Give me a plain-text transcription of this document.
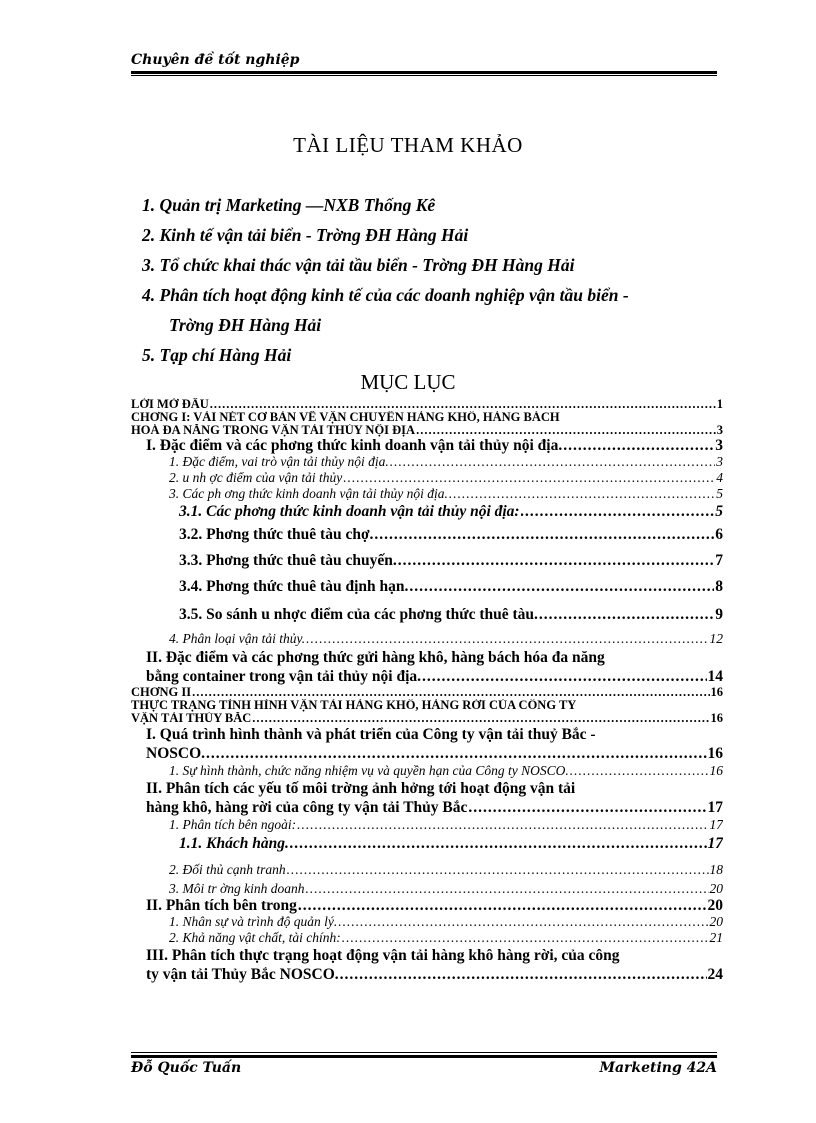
Chuyên đề tốt nghiệp
TÀI LIỆU THAM KHẢO
1. Quản trị Marketing —NXB Thống Kê
2. Kinh tế vận tải biển - Trờng ĐH Hàng Hải
3. Tổ chức khai thác vận tải tầu biển - Trờng ĐH Hàng Hải
4. Phân tích hoạt động kinh tế của các doanh nghiệp vận tầu biển -
Trờng ĐH Hàng Hải
5. Tạp chí Hàng Hải
MỤC LỤC
LỜI MỞ ĐẦU .....	1
CHƠNG I: VÀI NÉT CƠ BẢN VỀ VẬN CHUYỂN HÀNG KHÔ, HÀNG BÁCH
HOÁ ĐA NĂNG TRONG VẬN TẢI THỦY NỘI ĐỊA .....	3
I. Đặc điểm và các phơng thức kinh doanh vận tải thủy nội địa. .....	3
1. Đặc điểm, vai trò vận tải thủy nội địa. .....	3
2. u nh ợc điểm của vận tải thủy .....	4
3. Các ph ơng thức kinh doanh vận tải thủy nội địa. .....	5
3.1. Các phơng thức kinh doanh vận tải thủy nội địa: .....	5
3.2. Phơng thức thuê tàu chợ. .....	6
3.3. Phơng thức thuê tàu chuyến. .....	7
3.4. Phơng thức thuê tàu định hạn. .....	8
3.5. So sánh u nhợc điểm của các phơng thức thuê tàu. .....	9
4. Phân loại vận tải thủy. .....	12
II. Đặc điểm và các phơng thức gửi hàng khô, hàng bách hóa đa năng
bằng container trong vận tải thủy nội địa. .....	14
CHƠNG II .....	16
THỰC TRẠNG TÌNH HÌNH VẬN TẢI HÀNG KHÔ, HÀNG RỜI CỦA CÔNG TY
VẬN TẢI THỦY BẮC .....	16
I. Quá trình hình thành và phát triển của Công ty vận tải thuỷ Bắc -
NOSCO. .....	16
1. Sự hình thành, chức năng nhiệm vụ và quyền hạn của Công ty NOSCO. .....	16
II. Phân tích các yếu tố môi trờng ảnh hởng tới hoạt động vận tải
hàng khô, hàng rời của công ty vận tải Thủy Bắc .....	17
1. Phân tích bên ngoài: .....	17
1.1. Khách hàng. .....	17
2. Đối thủ cạnh tranh .....	18
3. Môi tr ờng kinh doanh .....	20
II. Phân tích bên trong .....	20
1. Nhân sự và trình độ quản lý. .....	20
2. Khả năng vật chất, tài chính: .....	21
III. Phân tích thực trạng hoạt động vận tải hàng khô hàng rời, của công
ty vận tải Thủy Bắc NOSCO. .....	24
Đỗ Quốc Tuấn	Marketing 42A
